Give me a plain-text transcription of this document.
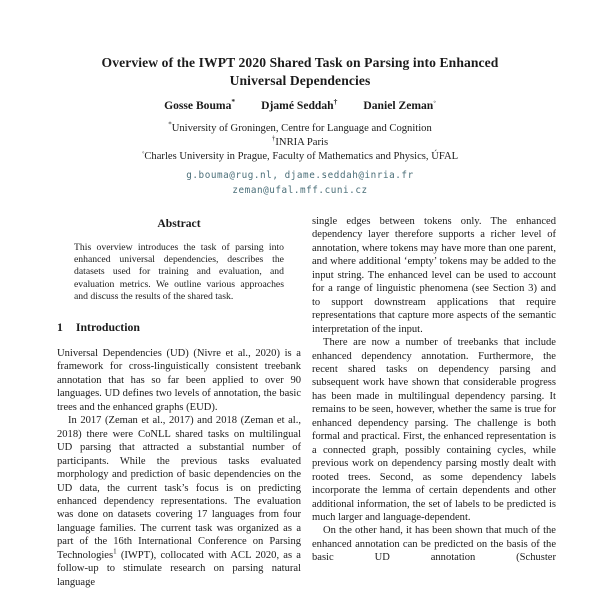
Overview of the IWPT 2020 Shared Task on Parsing into Enhanced
Universal Dependencies
Gosse Bouma* Djamé Seddah† Daniel Zeman◦
*University of Groningen, Centre for Language and Cognition
†INRIA Paris
◦Charles University in Prague, Faculty of Mathematics and Physics, ÚFAL
g.bouma@rug.nl, djame.seddah@inria.fr
zeman@ufal.mff.cuni.cz
Abstract
This overview introduces the task of parsing into enhanced universal dependencies, describes the datasets used for training and evaluation, and evaluation metrics. We outline various approaches and discuss the results of the shared task.
1 Introduction

Universal Dependencies (UD) (Nivre et al., 2020) is a framework for cross-linguistically consistent treebank annotation that has so far been applied to over 90 languages. UD defines two levels of annotation, the basic trees and the enhanced graphs (EUD).

In 2017 (Zeman et al., 2017) and 2018 (Zeman et al., 2018) there were CoNLL shared tasks on multilingual UD parsing that attracted a substantial number of participants. While the previous tasks evaluated morphology and prediction of basic dependencies on the UD data, the current task’s focus is on predicting enhanced dependency representations. The evaluation was done on datasets covering 17 languages from four language families. The current task was organized as a part of the 16th International Conference on Parsing Technologies$^1$ (IWPT), collocated with ACL 2020, as a follow-up to stimulate research on parsing natural language

single edges between tokens only. The enhanced dependency layer therefore supports a richer level of annotation, where tokens may have more than one parent, and where additional ‘empty’ tokens may be added to the input string. The enhanced level can be used to account for a range of linguistic phenomena (see Section 3) and to support downstream applications that require representations that capture more aspects of the semantic interpretation of the input.

There are now a number of treebanks that include enhanced dependency annotation. Furthermore, the recent shared tasks on dependency parsing and subsequent work have shown that considerable progress has been made in multilingual dependency parsing. It remains to be seen, however, whether the same is true for enhanced dependency parsing. The challenge is both formal and practical. First, the enhanced representation is a connected graph, possibly containing cycles, while previous work on dependency parsing mostly dealt with rooted trees. Second, as some dependency labels incorporate the lemma of certain dependents and other additional information, the set of labels to be predicted is much larger and language-dependent.

On the other hand, it has been shown that much of the enhanced annotation can be predicted on the basis of the basic UD annotation (Schuster
